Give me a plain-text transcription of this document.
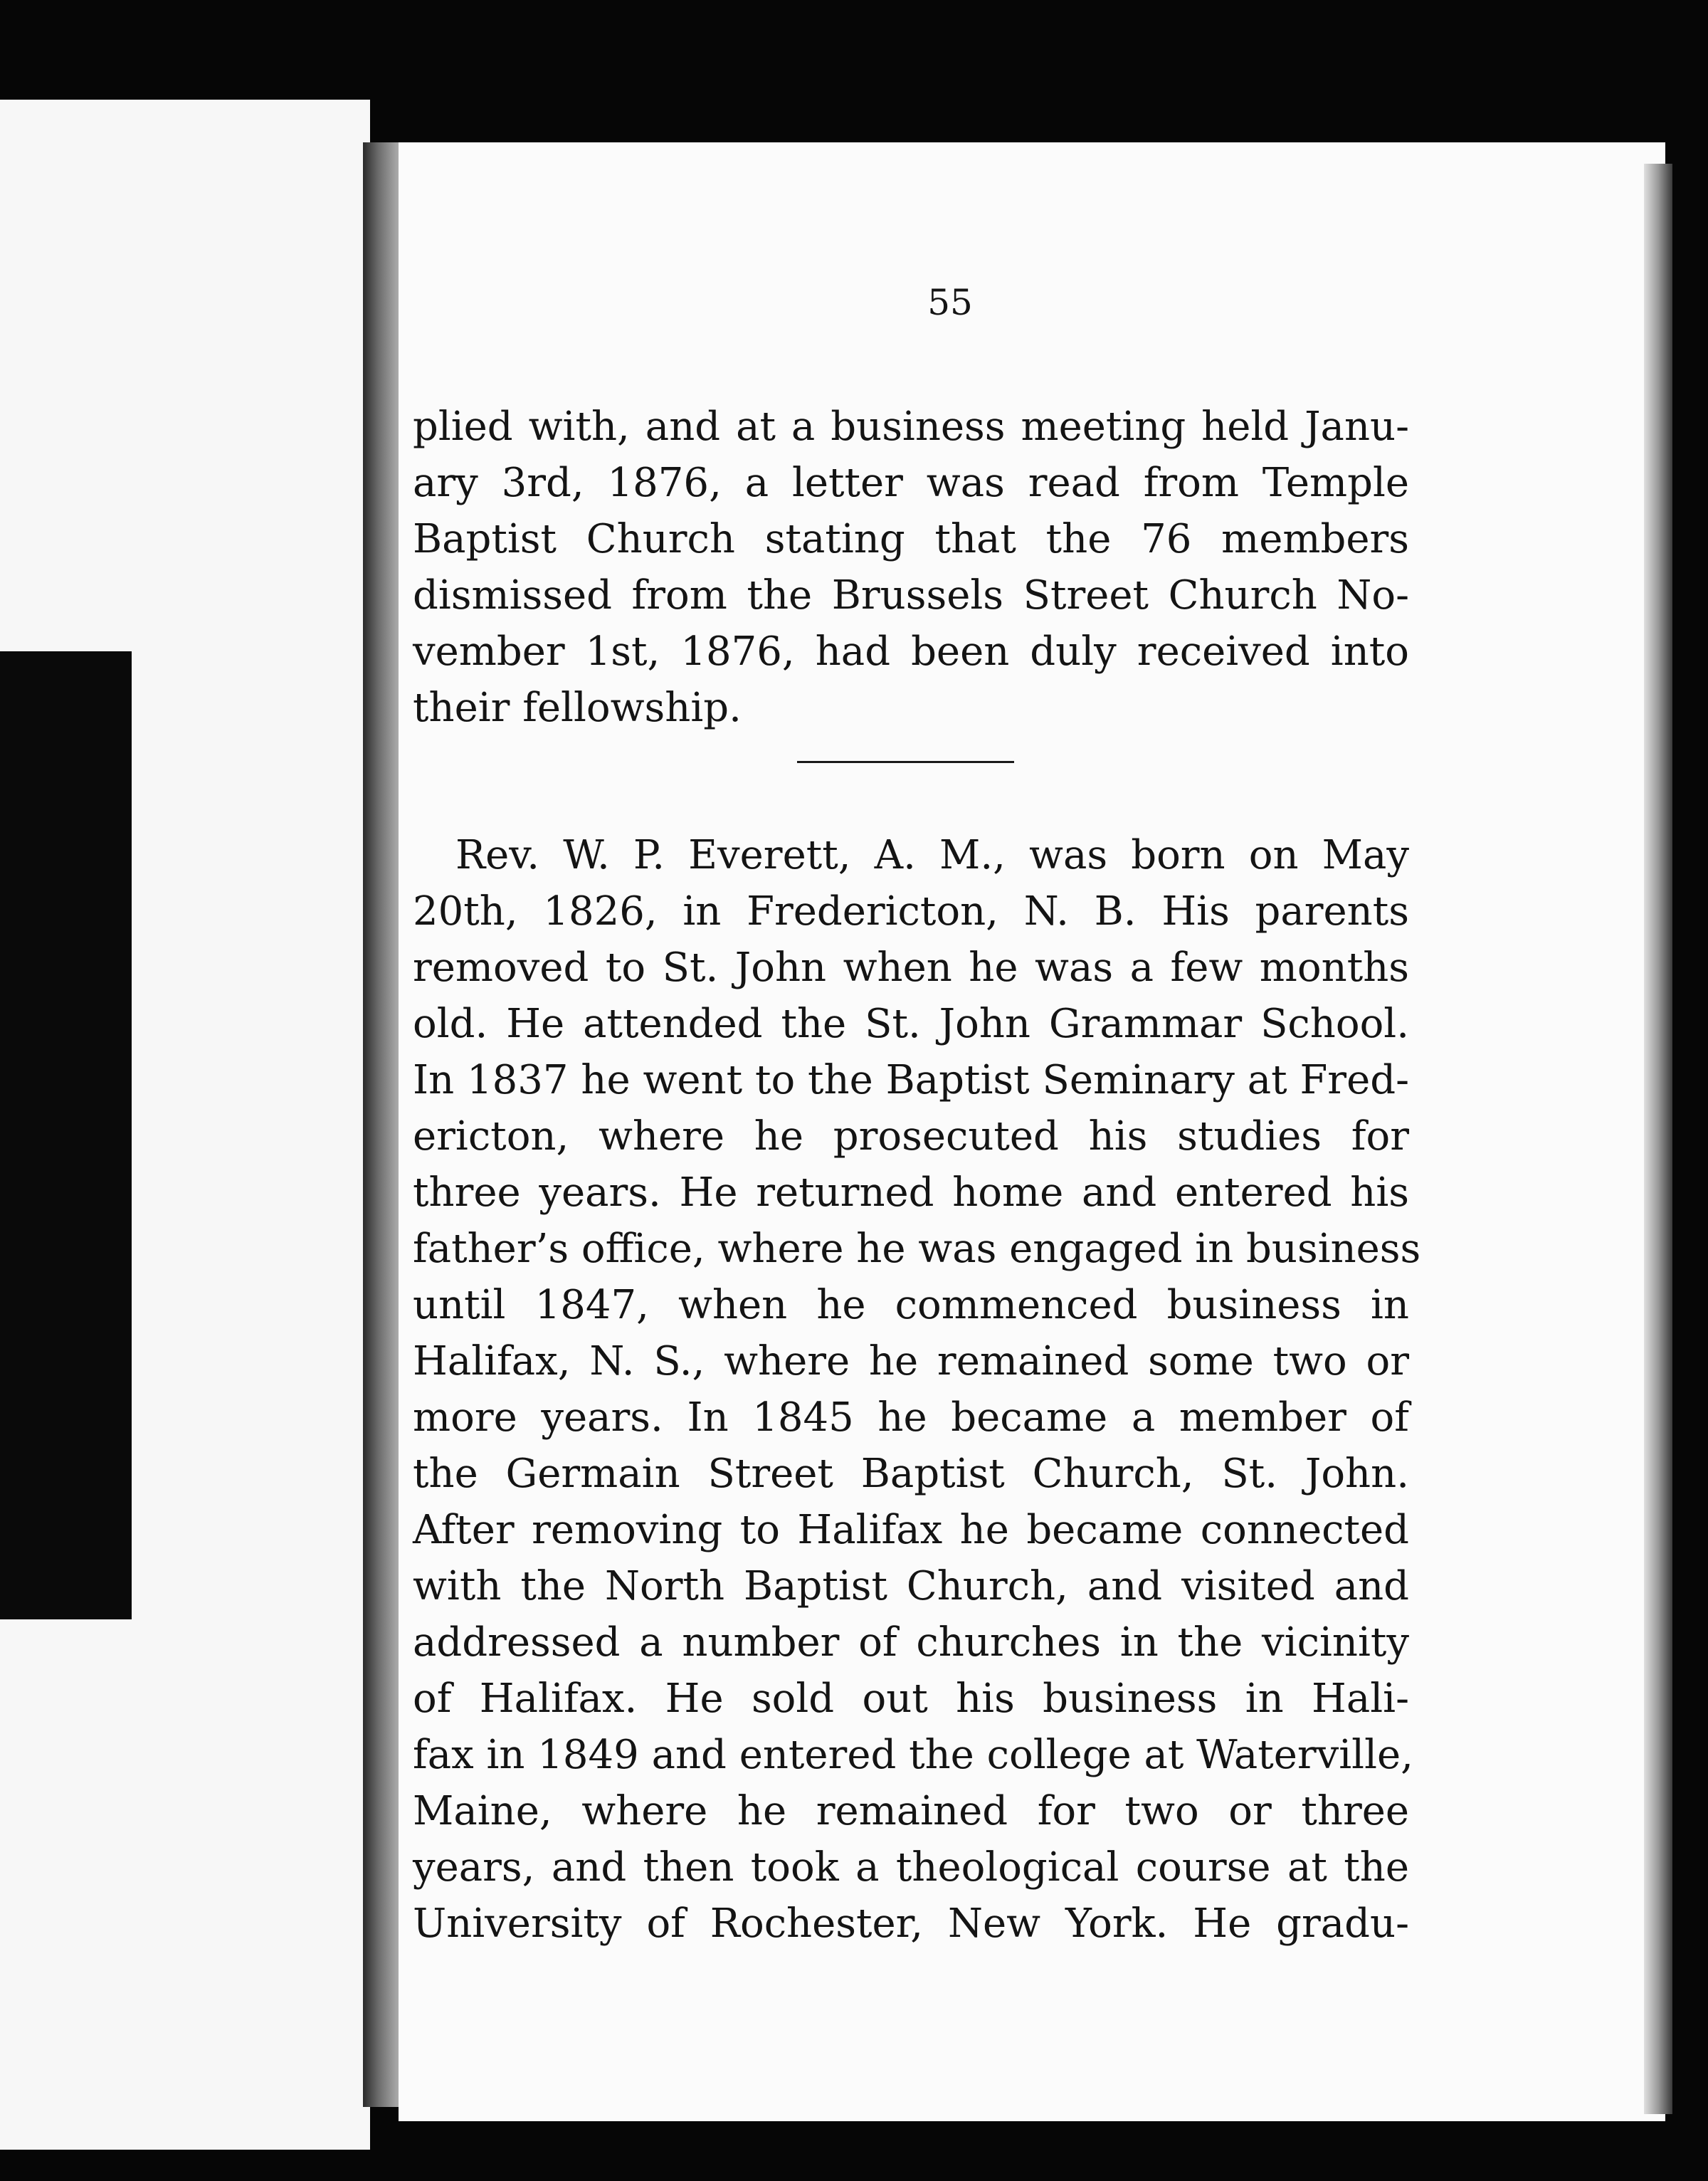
55
plied with, and at a business meeting held Janu-
ary 3rd, 1876, a letter was read from Temple
Baptist Church stating that the 76 members
dismissed from the Brussels Street Church No-
vember 1st, 1876, had been duly received into
their fellowship.
Rev. W. P. Everett, A. M., was born on May
20th, 1826, in Fredericton, N. B. His parents
removed to St. John when he was a few months
old. He attended the St. John Grammar School.
In 1837 he went to the Baptist Seminary at Fred-
ericton, where he prosecuted his studies for
three years. He returned home and entered his
father’s office, where he was engaged in business
until 1847, when he commenced business in
Halifax, N. S., where he remained some two or
more years. In 1845 he became a member of
the Germain Street Baptist Church, St. John.
After removing to Halifax he became connected
with the North Baptist Church, and visited and
addressed a number of churches in the vicinity
of Halifax. He sold out his business in Hali-
fax in 1849 and entered the college at Waterville,
Maine, where he remained for two or three
years, and then took a theological course at the
University of Rochester, New York. He gradu-
